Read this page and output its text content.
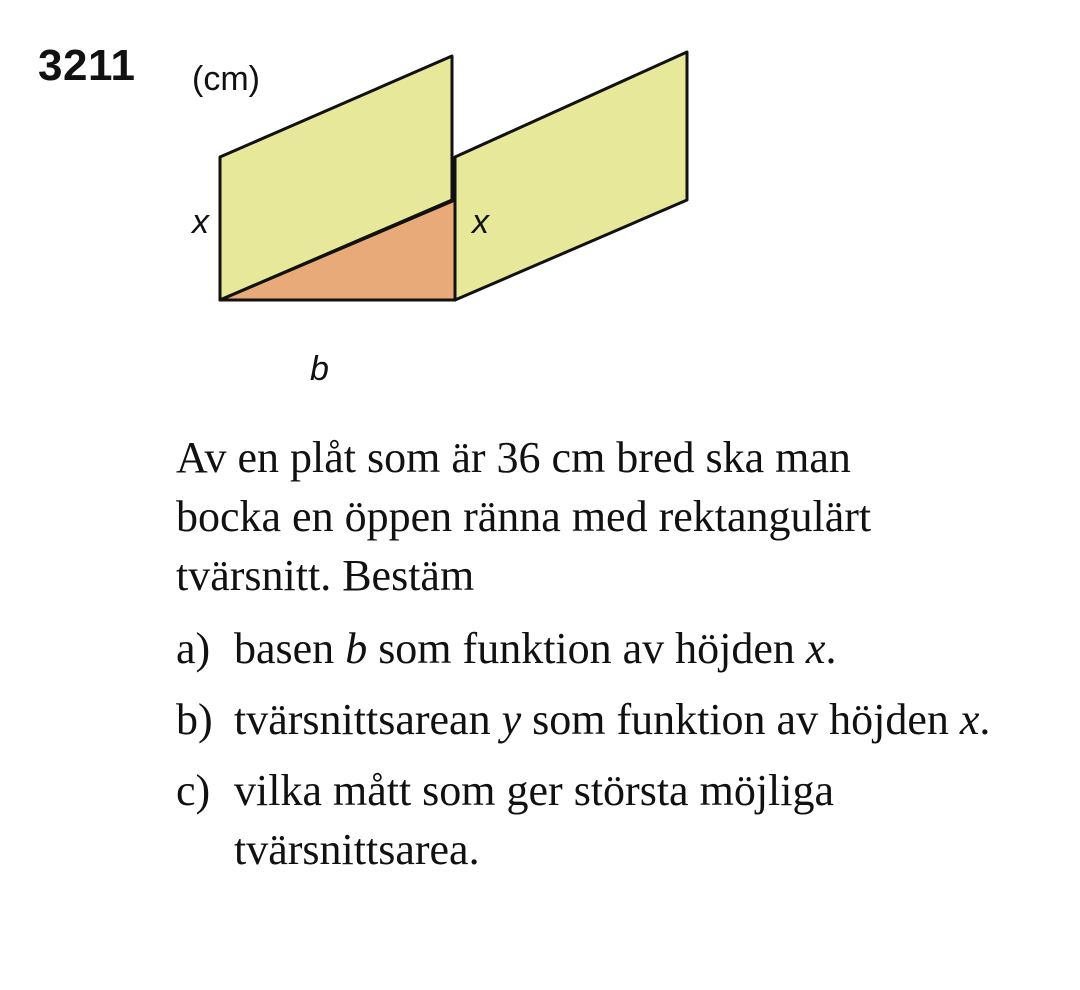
3211 (cm)
x	x
b

Av en plåt som är 36 cm bred ska man

bocka en öppen ränna med rektangulärt

tvärsnitt. Bestäm

a) basen b som funktion av höjden x.
b) tvärsnittsarean y som funktion av höjden x.
c) vilka mått som ger största möjliga tvärsnittsarea.
